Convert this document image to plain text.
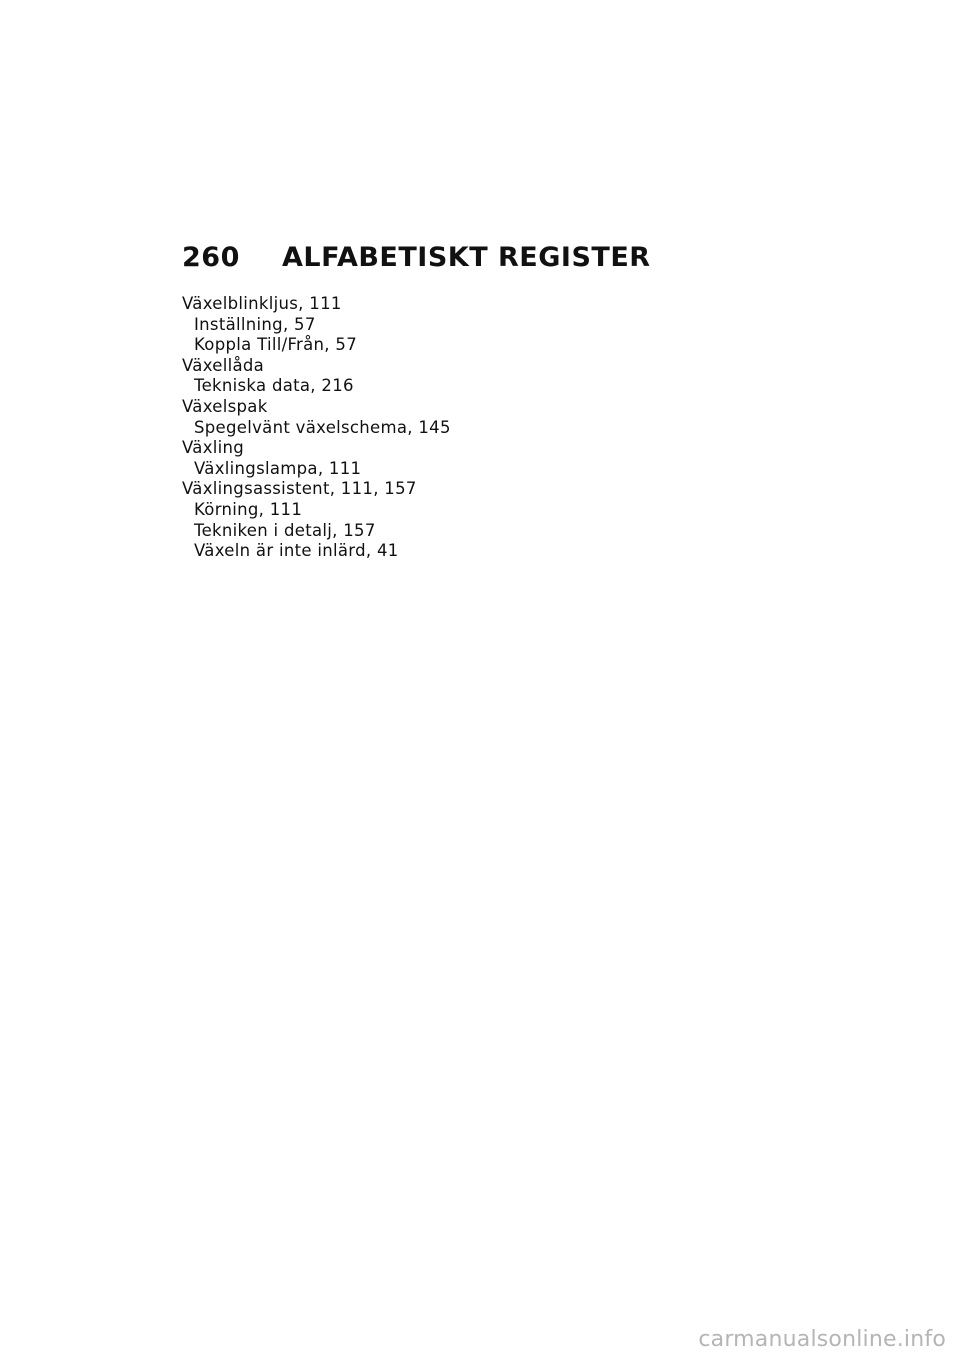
260	ALFABETISKT REGISTER
Växelblinkljus, 111
Inställning, 57
Koppla Till/Från, 57
Växellåda
Tekniska data, 216
Växelspak
Spegelvänt växelschema, 145
Växling
Växlingslampa, 111
Växlingsassistent, 111, 157
Körning, 111
Tekniken i detalj, 157
Växeln är inte inlärd, 41
carmanualsonline.info
